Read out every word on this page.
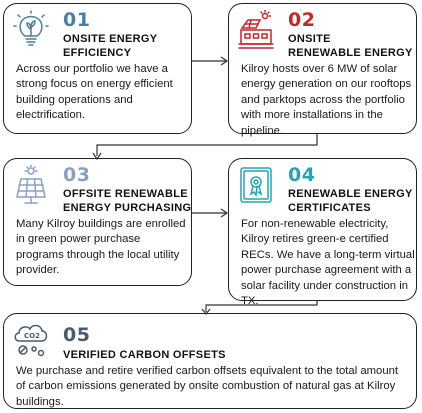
01
ONSITE ENERGY
EFFICIENCY
Across our portfolio we have a strong focus on energy efficient building operations and electrification.
02
ONSITE
RENEWABLE ENERGY
Kilroy hosts over 6 MW of solar energy generation on our rooftops and parktops across the portfolio with more installations in the pipeline.
03
OFFSITE RENEWABLE
ENERGY PURCHASING
Many Kilroy buildings are enrolled in green power purchase programs through the local utility provider.
04
RENEWABLE ENERGY
CERTIFICATES
For non-renewable electricity, Kilroy retires green-e certified RECs. We have a long-term virtual power purchase agreement with a solar facility under construction in TX.
CO2 05
VERIFIED CARBON OFFSETS
We purchase and retire verified carbon offsets equivalent to the total amount of carbon emissions generated by onsite combustion of natural gas at Kilroy buildings.
